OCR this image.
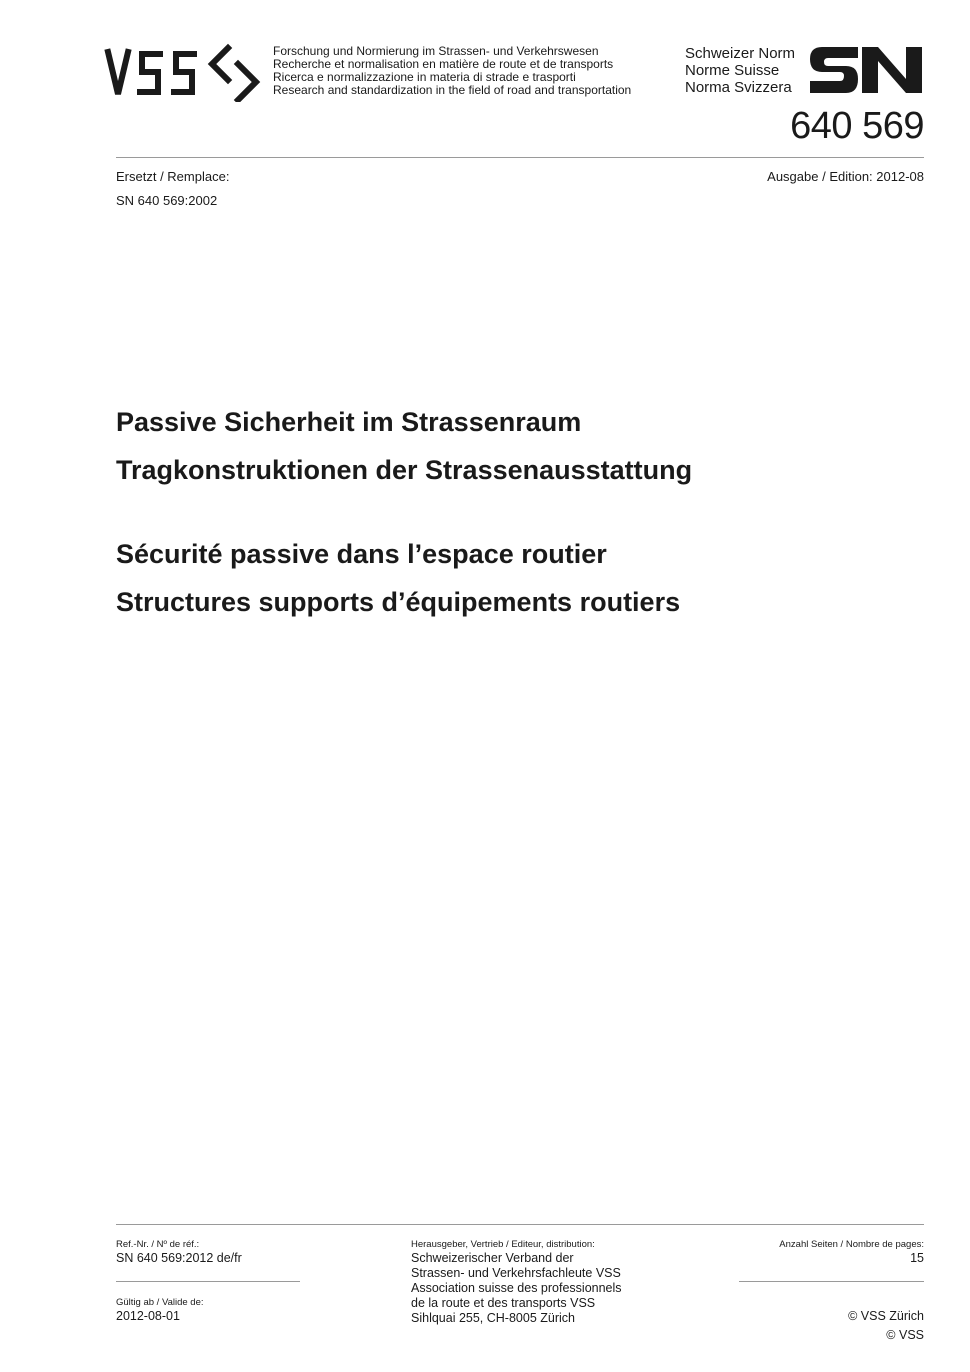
Forschung und Normierung im Strassen- und Verkehrswesen
Recherche et normalisation en matière de route et de transports
Ricerca e normalizzazione in materia di strade e trasporti
Research and standardization in the field of road and transportation
Schweizer Norm
Norme Suisse
Norma Svizzera
640 569
Ersetzt / Remplace:
SN 640 569:2002
Ausgabe / Edition: 2012-08
Passive Sicherheit im Strassenraum
Tragkonstruktionen der Strassenausstattung
Sécurité passive dans l’espace routier
Structures supports d’équipements routiers
Ref.-Nr. / Nº de réf.:
SN 640 569:2012 de/fr
Gültig ab / Valide de:
2012-08-01
Herausgeber, Vertrieb / Editeur, distribution:
Schweizerischer Verband der
Strassen- und Verkehrsfachleute VSS
Association suisse des professionnels
de la route et des transports VSS
Sihlquai 255, CH-8005 Zürich
Anzahl Seiten / Nombre de pages:
15
© VSS Zürich
© VSS
